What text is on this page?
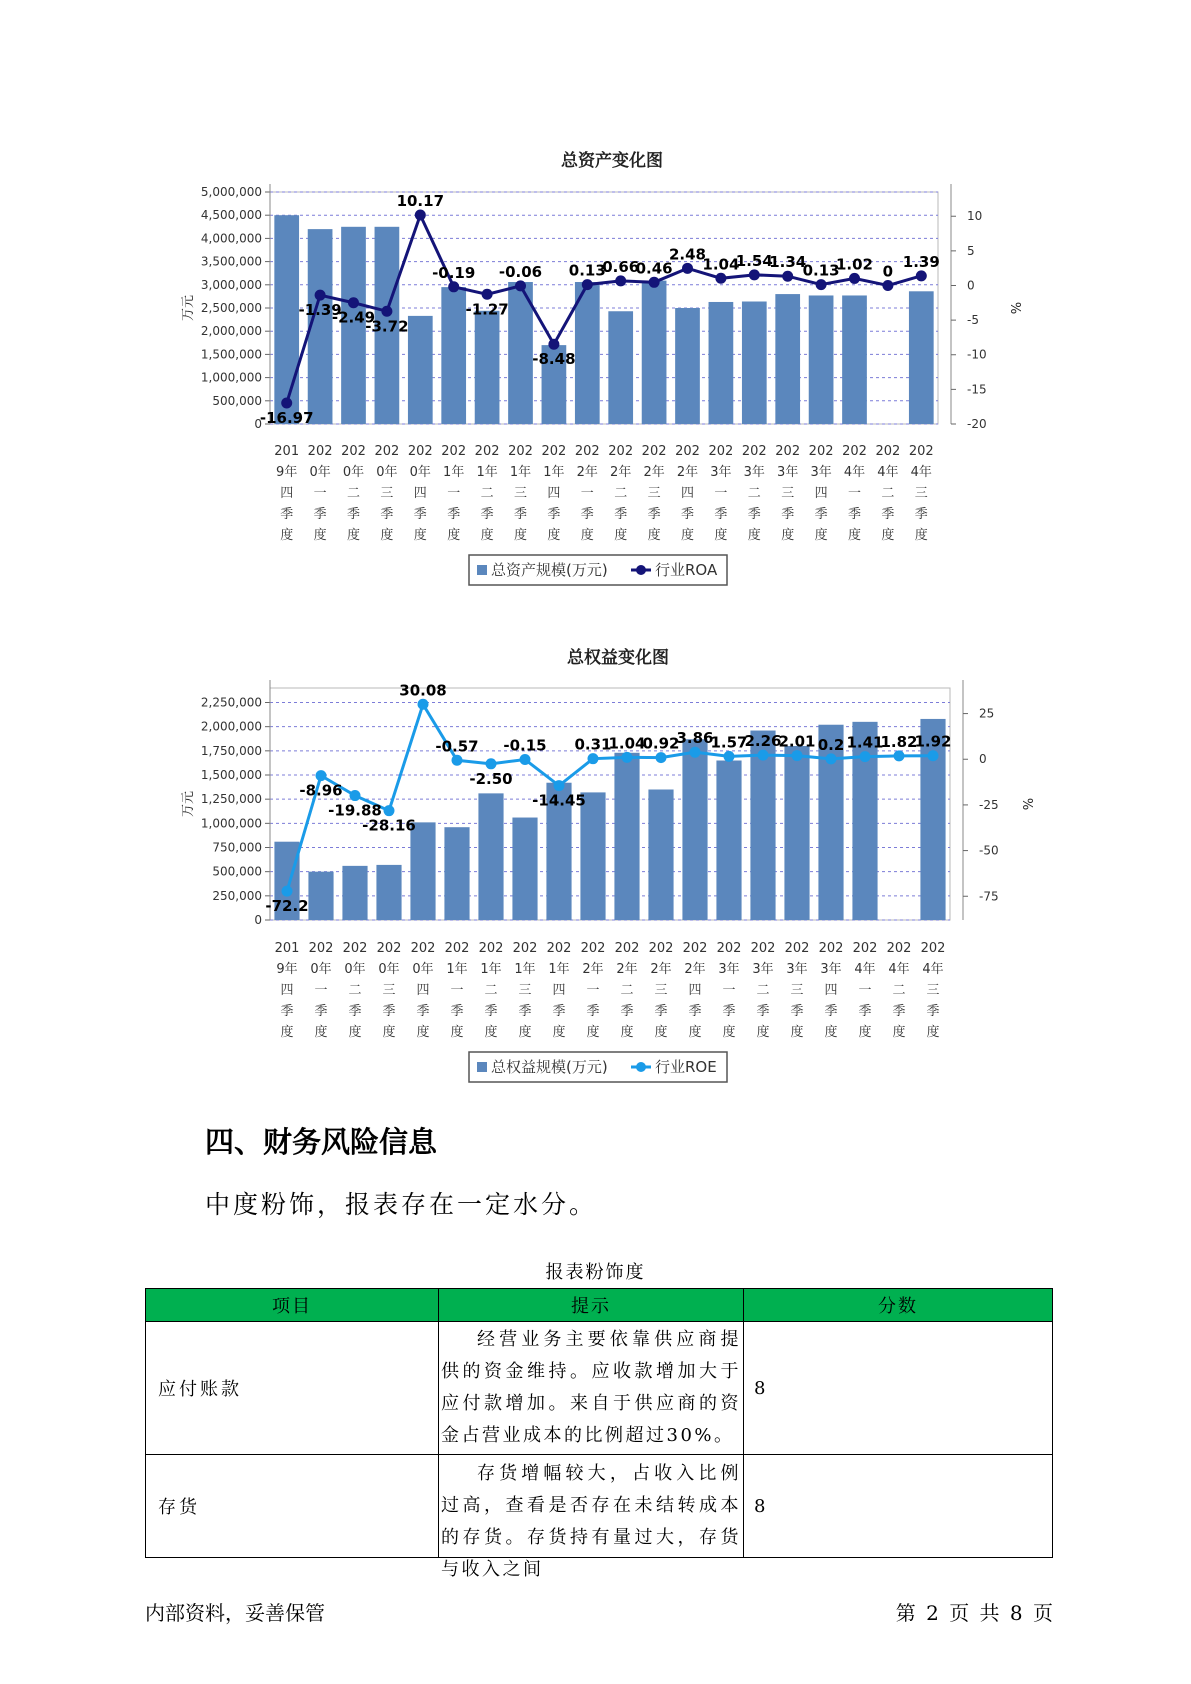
总资产变化图
0
500,000
1,000,000
1,500,000
2,000,000
2,500,000
3,000,000
3,500,000
4,000,000
4,500,000
5,000,000
-20
-15
-10
-5
0
5
10
万元	%
-16.97
-1.39
-2.49
-3.72
10.17
-0.19
-1.27
-0.06
-8.48
0.13
0.66
0.46
2.48
1.04
1.54
1.34
0.13
1.02 0
1.39
201
9年
四
季
度
202
0年
一
季
度
202
0年
二
季
度
202
0年
三
季
度
202
0年
四
季
度
202
1年
一
季
度
202
1年
二
季
度
202
1年
三
季
度
202
1年
四
季
度
202
2年
一
季
度
202
2年
二
季
度
202
2年
三
季
度
202
2年
四
季
度
202
3年
一
季
度
202
3年
二
季
度
202
3年
三
季
度
202
3年
四
季
度
202
4年
一
季
度
202
4年
二
季
度
202
4年
三
季
度
总资产规模(万元)	行业ROA
总权益变化图
0
250,000
500,000
750,000
1,000,000
1,250,000
1,500,000
1,750,000
2,000,000
2,250,000
-75
-50
-25
0
25
万元	%
-72.2
-8.96
-19.88
-28.16
30.08
-0.57
-2.50
-0.15
-14.45
0.31
1.04
0.92
3.86
1.57
2.26
2.01 0.2 1.41
1.82
1.92
201
9年
四
季
度
202
0年
一
季
度
202
0年
二
季
度
202
0年
三
季
度
202
0年
四
季
度
202
1年
一
季
度
202
1年
二
季
度
202
1年
三
季
度
202
1年
四
季
度
202
2年
一
季
度
202
2年
二
季
度
202
2年
三
季
度
202
2年
四
季
度
202
3年
一
季
度
202
3年
二
季
度
202
3年
三
季
度
202
3年
四
季
度
202
4年
一
季
度
202
4年
二
季
度
202
4年
三
季
度
总权益规模(万元)	行业ROE
四、财务风险信息

中度粉饰，报表存在一定水分。

报表粉饰度
项目	提示	分数
应付账款	经营业务主要依靠供应商提供的资金维持。应收款增加大于应付款增加。来自于供应商的资金占营业成本的比例超过30%。	8
存货	存货增幅较大，占收入比例过高，查看是否存在未结转成本的存货。存货持有量过大，存货与收入之间	8
内部资料，妥善保管	第 2 页 共 8 页
